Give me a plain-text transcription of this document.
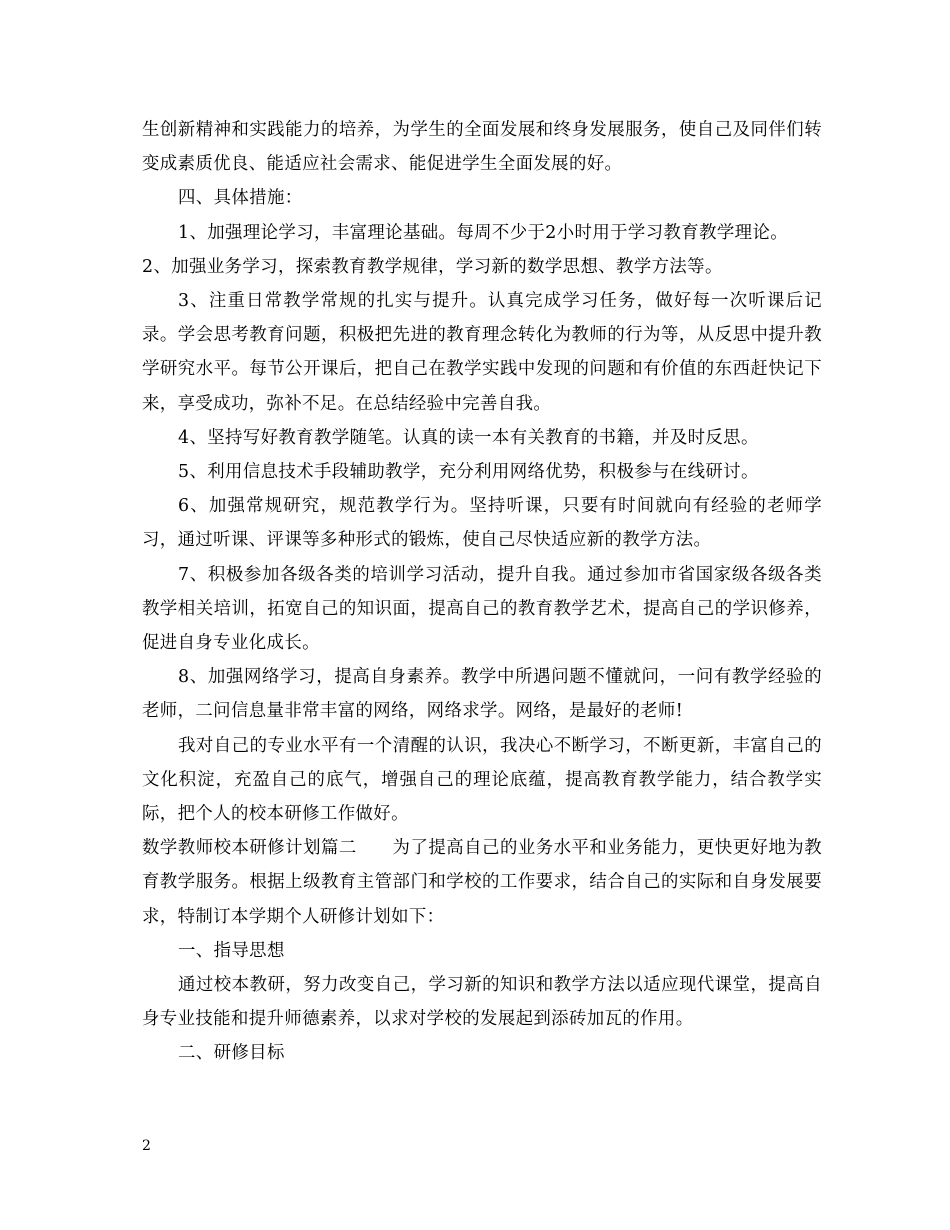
生创新精神和实践能力的培养，为学生的全面发展和终身发展服务，使自己及同伴们转变成素质优良、能适应社会需求、能促进学生全面发展的好。

四、具体措施：

1、加强理论学习，丰富理论基础。每周不少于2小时用于学习教育教学理论。

2、加强业务学习，探索教育教学规律，学习新的数学思想、教学方法等。

3、注重日常教学常规的扎实与提升。认真完成学习任务，做好每一次听课后记录。学会思考教育问题，积极把先进的教育理念转化为教师的行为等，从反思中提升教学研究水平。每节公开课后，把自己在教学实践中发现的问题和有价值的东西赶快记下来，享受成功，弥补不足。在总结经验中完善自我。

4、坚持写好教育教学随笔。认真的读一本有关教育的书籍，并及时反思。

5、利用信息技术手段辅助教学，充分利用网络优势，积极参与在线研讨。

6、加强常规研究，规范教学行为。坚持听课，只要有时间就向有经验的老师学习，通过听课、评课等多种形式的锻炼，使自己尽快适应新的教学方法。

7、积极参加各级各类的培训学习活动，提升自我。通过参加市省国家级各级各类教学相关培训，拓宽自己的知识面，提高自己的教育教学艺术，提高自己的学识修养，促进自身专业化成长。

8、加强网络学习，提高自身素养。教学中所遇问题不懂就问，一问有教学经验的老师，二问信息量非常丰富的网络，网络求学。网络，是最好的老师!

我对自己的专业水平有一个清醒的认识，我决心不断学习，不断更新，丰富自己的文化积淀，充盈自己的底气，增强自己的理论底蕴，提高教育教学能力，结合教学实际，把个人的校本研修工作做好。

数学教师校本研修计划篇二　　为了提高自己的业务水平和业务能力，更快更好地为教育教学服务。根据上级教育主管部门和学校的工作要求，结合自己的实际和自身发展要求，特制订本学期个人研修计划如下：

一、指导思想

通过校本教研，努力改变自己，学习新的知识和教学方法以适应现代课堂，提高自身专业技能和提升师德素养，以求对学校的发展起到添砖加瓦的作用。

二、研修目标

2
